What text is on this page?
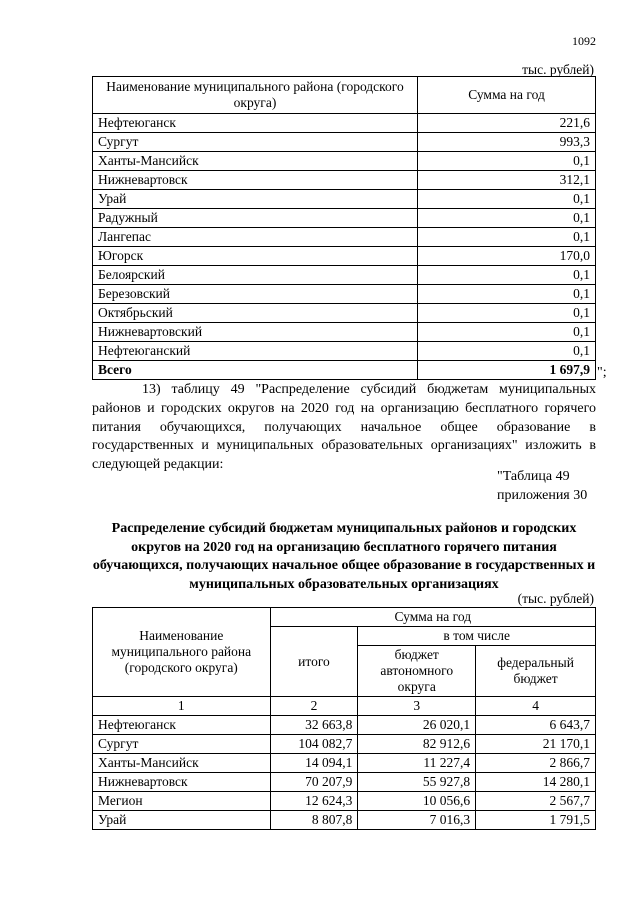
1092
тыс. рублей)
Наименование муниципального района (городского округа)	Сумма на год
Нефтеюганск	221,6
Сургут	993,3
Ханты-Мансийск	0,1
Нижневартовск	312,1
Урай	0,1
Радужный	0,1
Лангепас	0,1
Югорск	170,0
Белоярский	0,1
Березовский	0,1
Октябрьский	0,1
Нижневартовский	0,1
Нефтеюганский	0,1
Всего	1 697,9 ";

13) таблицу 49 "Распределение субсидий бюджетам муниципальных районов и городских округов на 2020 год на организацию бесплатного горячего питания обучающихся, получающих начальное общее образование в государственных и муниципальных образовательных организациях" изложить в следующей редакции:

"Таблица 49
приложения 30
Распределение субсидий бюджетам муниципальных районов и городских округов на 2020 год на организацию бесплатного горячего питания обучающихся, получающих начальное общее образование в государственных и муниципальных образовательных организациях
(тыс. рублей)
Наименование муниципального района (городского округа)	Сумма на год		
	итого	в том числе	
		бюджет автономного округа	федеральный бюджет
1	2	3	4
Нефтеюганск	32 663,8	26 020,1	6 643,7
Сургут	104 082,7	82 912,6	21 170,1
Ханты-Мансийск	14 094,1	11 227,4	2 866,7
Нижневартовск	70 207,9	55 927,8	14 280,1
Мегион	12 624,3	10 056,6	2 567,7
Урай	8 807,8	7 016,3	1 791,5
